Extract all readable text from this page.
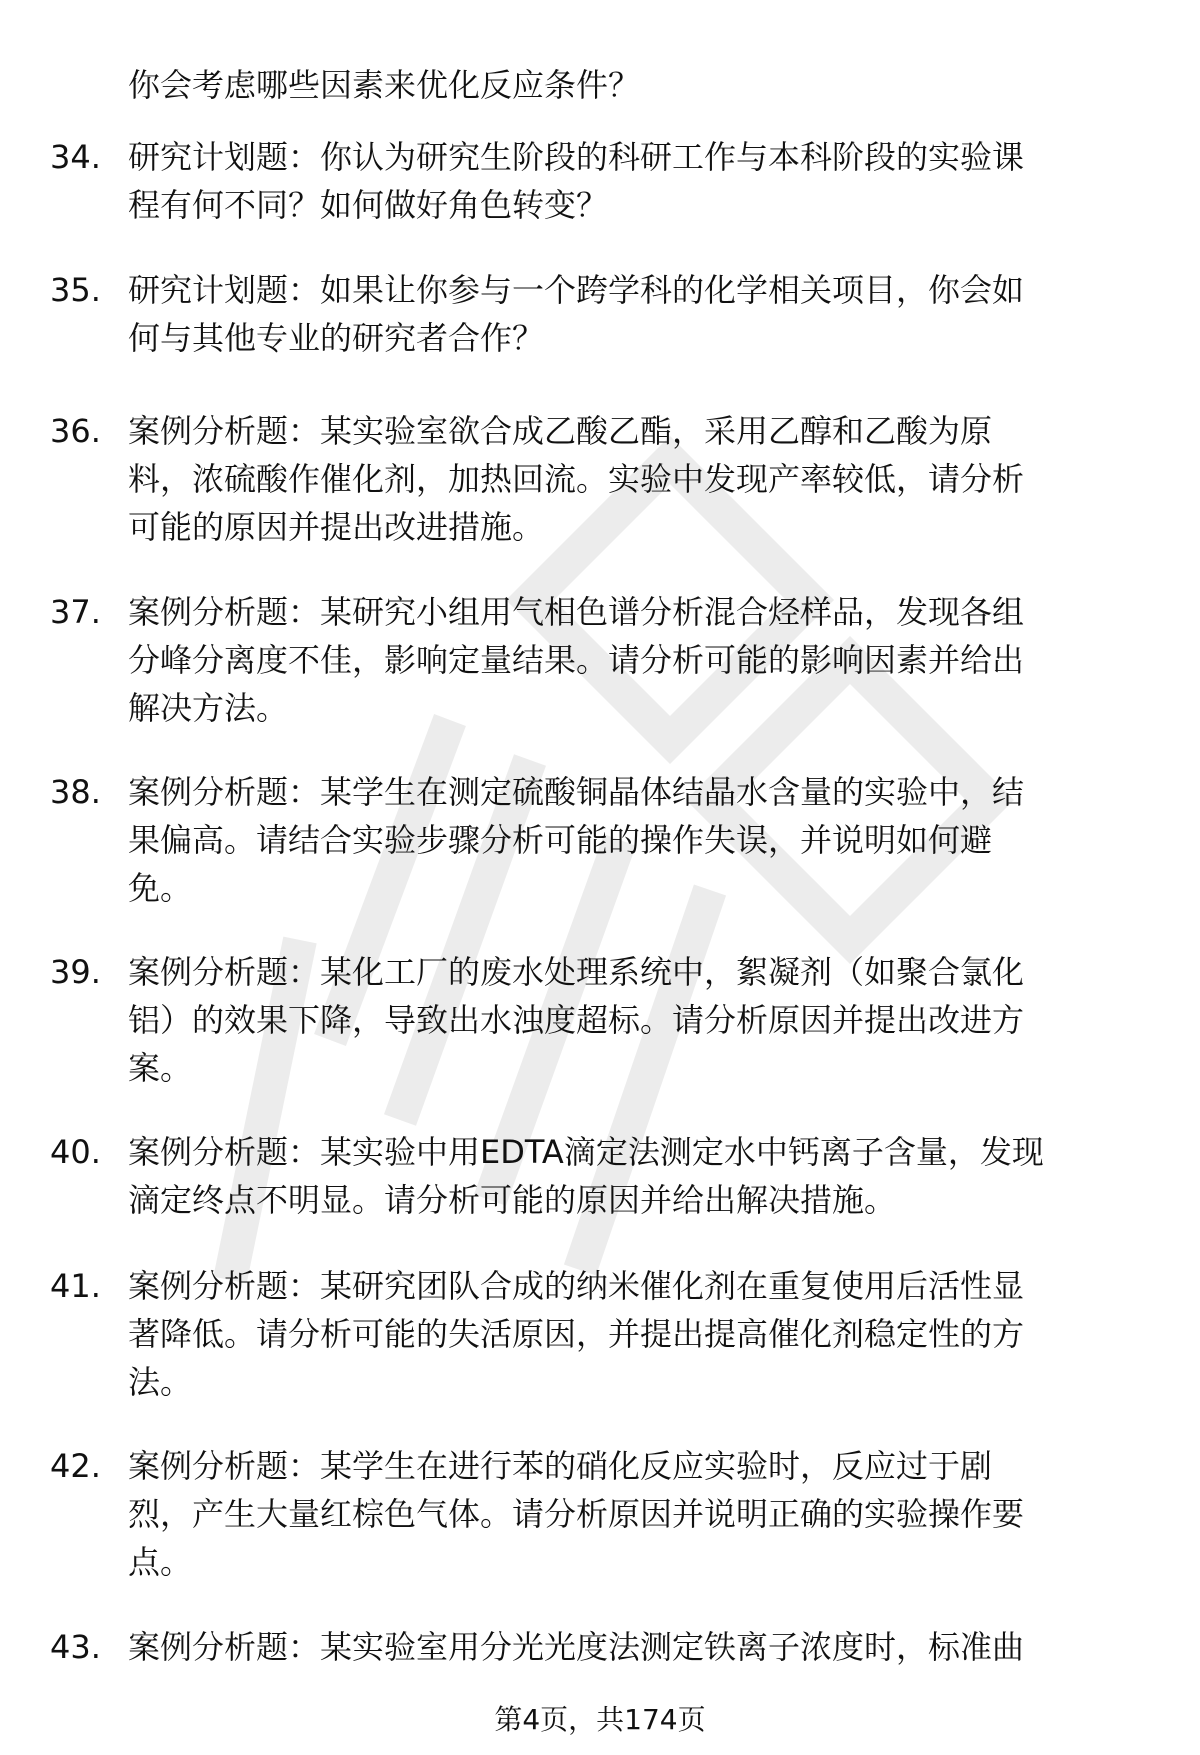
你会考虑哪些因素来优化反应条件？
34. 研究计划题：你认为研究生阶段的科研工作与本科阶段的实验课
程有何不同？如何做好角色转变？
35. 研究计划题：如果让你参与一个跨学科的化学相关项目，你会如
何与其他专业的研究者合作？
36. 案例分析题：某实验室欲合成乙酸乙酯，采用乙醇和乙酸为原
料，浓硫酸作催化剂，加热回流。实验中发现产率较低，请分析
可能的原因并提出改进措施。
37. 案例分析题：某研究小组用气相色谱分析混合烃样品，发现各组
分峰分离度不佳，影响定量结果。请分析可能的影响因素并给出
解决方法。
38. 案例分析题：某学生在测定硫酸铜晶体结晶水含量的实验中，结
果偏高。请结合实验步骤分析可能的操作失误，并说明如何避
免。
39. 案例分析题：某化工厂的废水处理系统中，絮凝剂（如聚合氯化
铝）的效果下降，导致出水浊度超标。请分析原因并提出改进方
案。
40. 案例分析题：某实验中用EDTA滴定法测定水中钙离子含量，发现
滴定终点不明显。请分析可能的原因并给出解决措施。
41. 案例分析题：某研究团队合成的纳米催化剂在重复使用后活性显
著降低。请分析可能的失活原因，并提出提高催化剂稳定性的方
法。
42. 案例分析题：某学生在进行苯的硝化反应实验时，反应过于剧
烈，产生大量红棕色气体。请分析原因并说明正确的实验操作要
点。
43. 案例分析题：某实验室用分光光度法测定铁离子浓度时，标准曲
第4页，共174页
